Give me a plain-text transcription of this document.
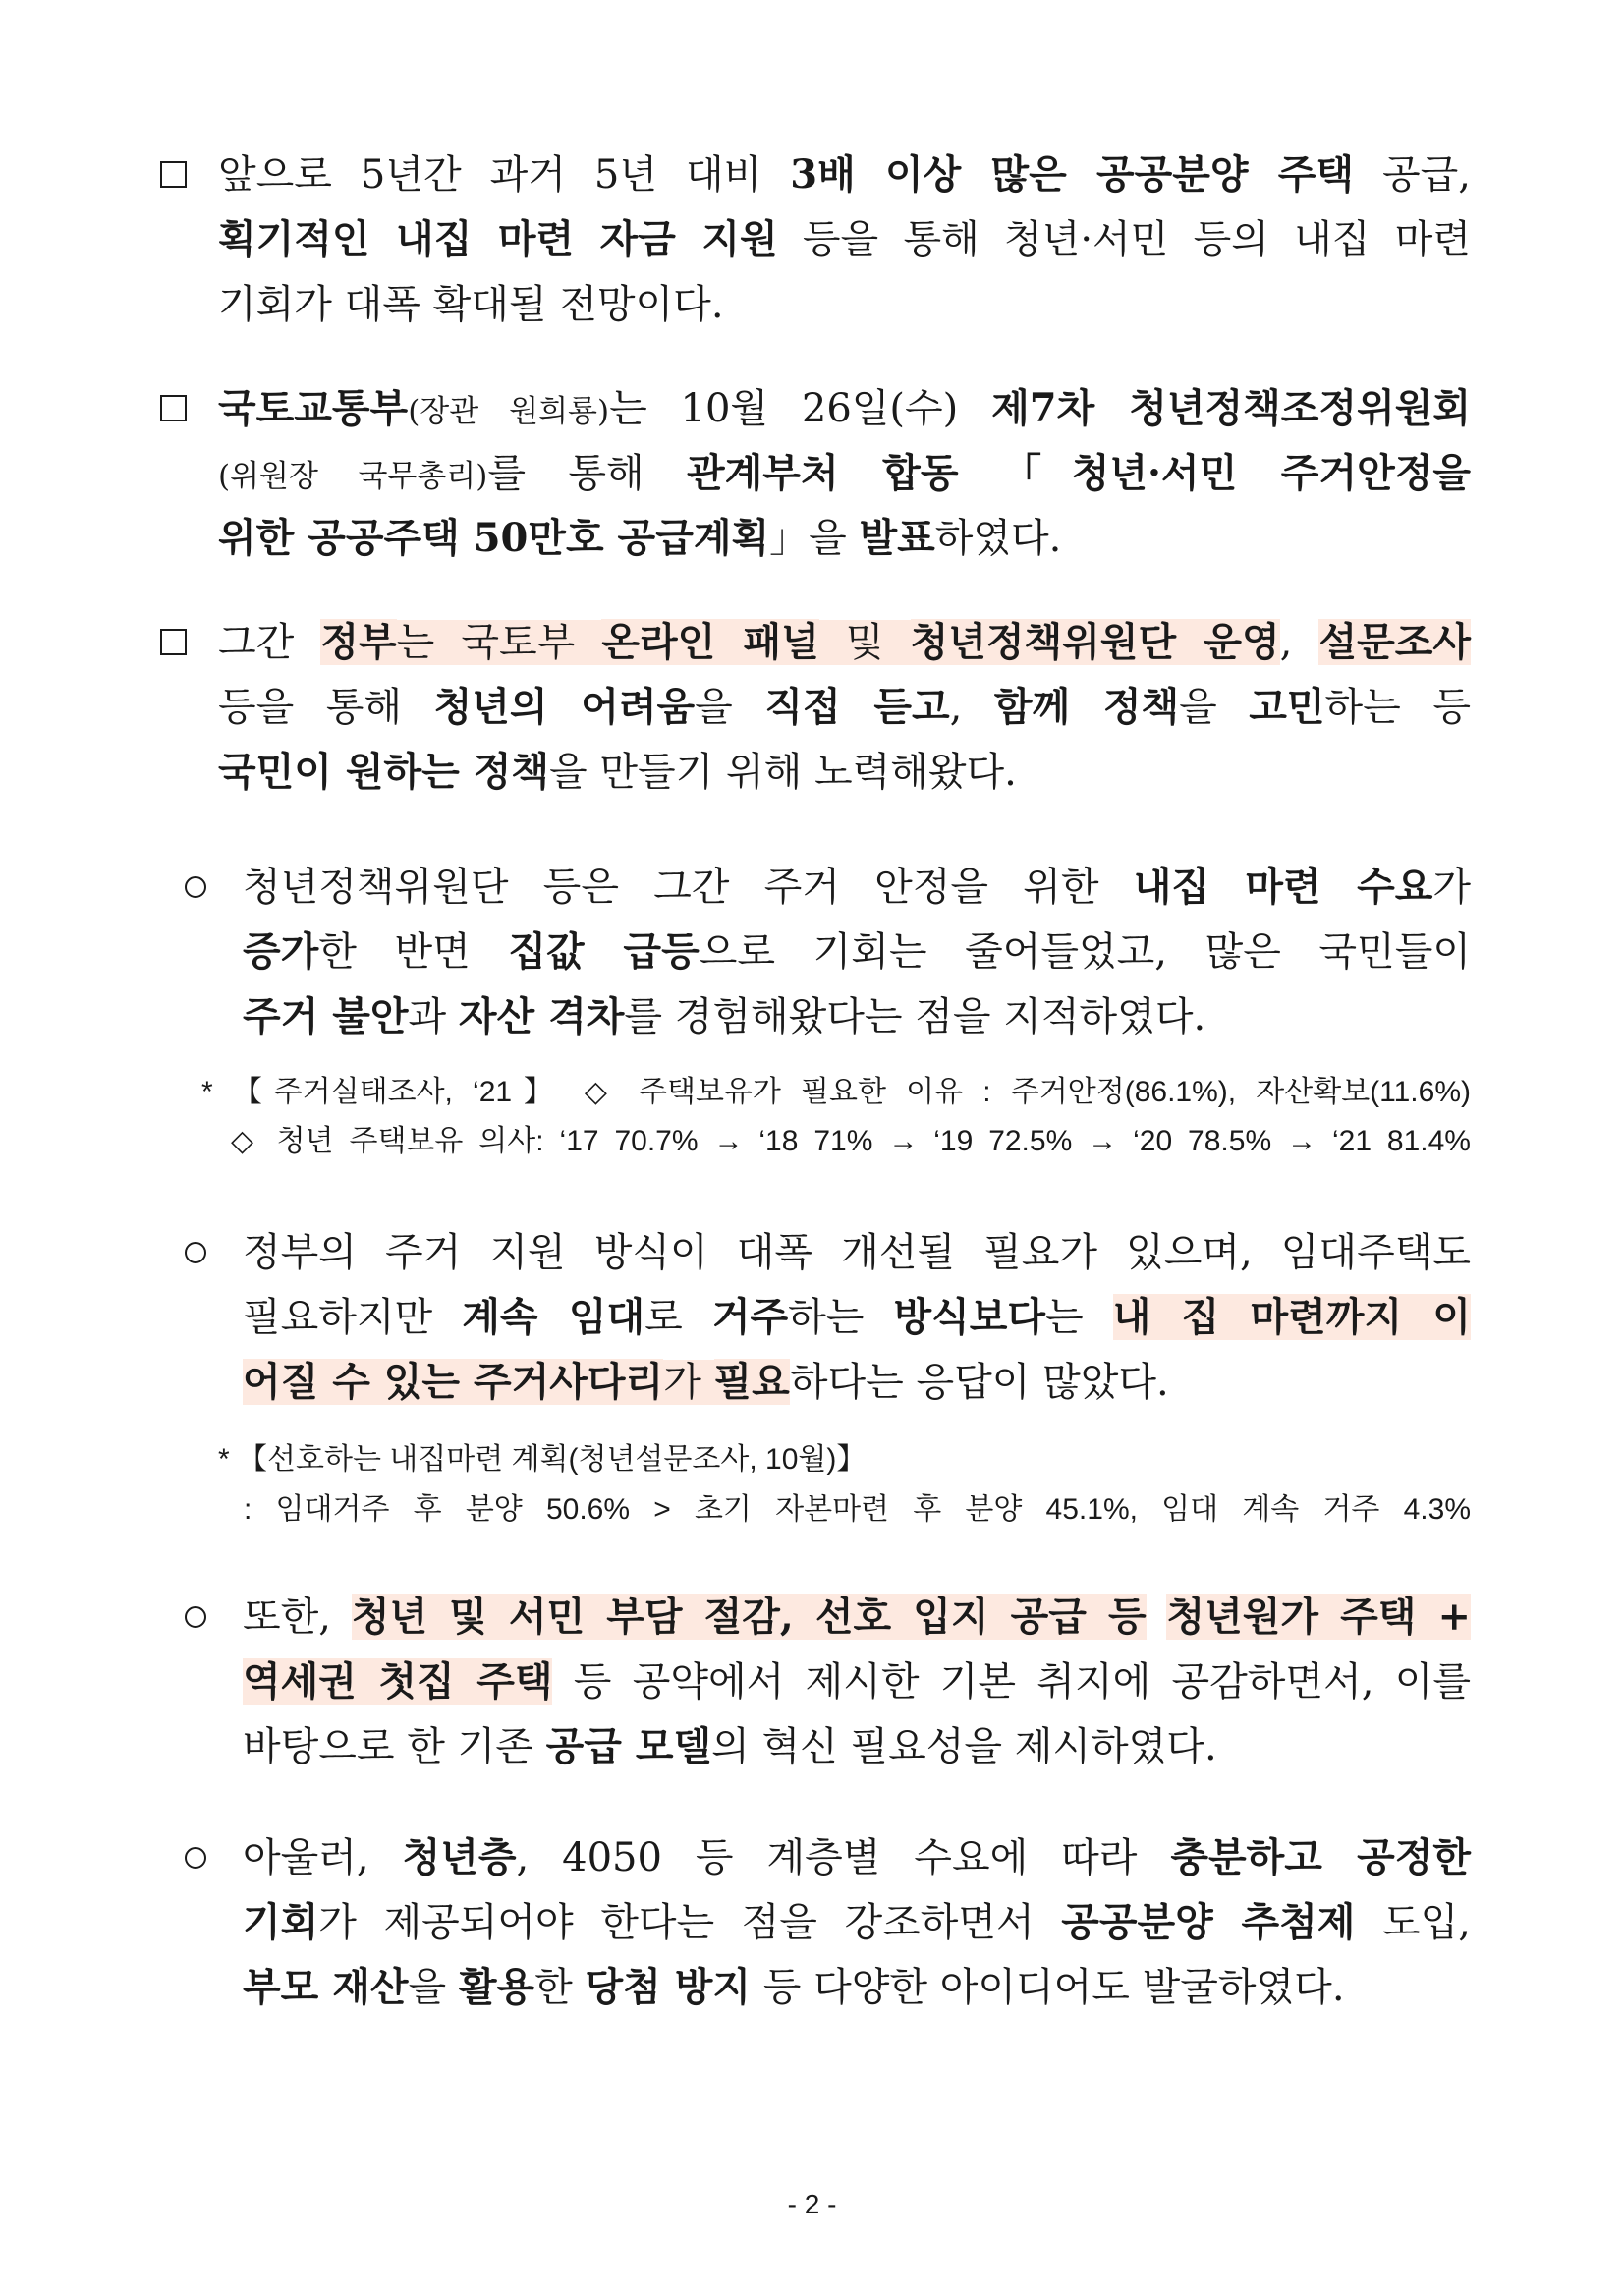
앞으로 5년간 과거 5년 대비 3배 이상 많은 공공분양 주택 공급,
획기적인 내집 마련 자금 지원 등을 통해 청년·서민 등의 내집 마련
기회가 대폭 확대될 전망이다.
국토교통부(장관 원희룡)는 10월 26일(수) 제7차 청년정책조정위원회
(위원장 국무총리)를 통해 관계부처 합동 「청년·서민 주거안정을
위한 공공주택 50만호 공급계획」을 발표하였다.
그간 정부는 국토부 온라인 패널 및 청년정책위원단 운영, 설문조사
등을 통해 청년의 어려움을 직접 듣고, 함께 정책을 고민하는 등
국민이 원하는 정책을 만들기 위해 노력해왔다.
청년정책위원단 등은 그간 주거 안정을 위한 내집 마련 수요가
증가한 반면 집값 급등으로 기회는 줄어들었고, 많은 국민들이
주거 불안과 자산 격차를 경험해왔다는 점을 지적하였다.
* 【주거실태조사, ‘21】 ◇ 주택보유가 필요한 이유 : 주거안정(86.1%), 자산확보(11.6%)
◇ 청년 주택보유 의사: ‘17 70.7% → ‘18 71% → ‘19 72.5% → ‘20 78.5% → ‘21 81.4%
정부의 주거 지원 방식이 대폭 개선될 필요가 있으며, 임대주택도
필요하지만 계속 임대로 거주하는 방식보다는 내 집 마련까지 이
어질 수 있는 주거사다리가 필요하다는 응답이 많았다.
* 【선호하는 내집마련 계획(청년설문조사, 10월)】
: 임대거주 후 분양 50.6% > 초기 자본마련 후 분양 45.1%, 임대 계속 거주 4.3%
또한, 청년 및 서민 부담 절감, 선호 입지 공급 등 청년원가 주택 +
역세권 첫집 주택 등 공약에서 제시한 기본 취지에 공감하면서, 이를
바탕으로 한 기존 공급 모델의 혁신 필요성을 제시하였다.
아울러, 청년층, 4050 등 계층별 수요에 따라 충분하고 공정한
기회가 제공되어야 한다는 점을 강조하면서 공공분양 추첨제 도입,
부모 재산을 활용한 당첨 방지 등 다양한 아이디어도 발굴하였다.
- 2 -
